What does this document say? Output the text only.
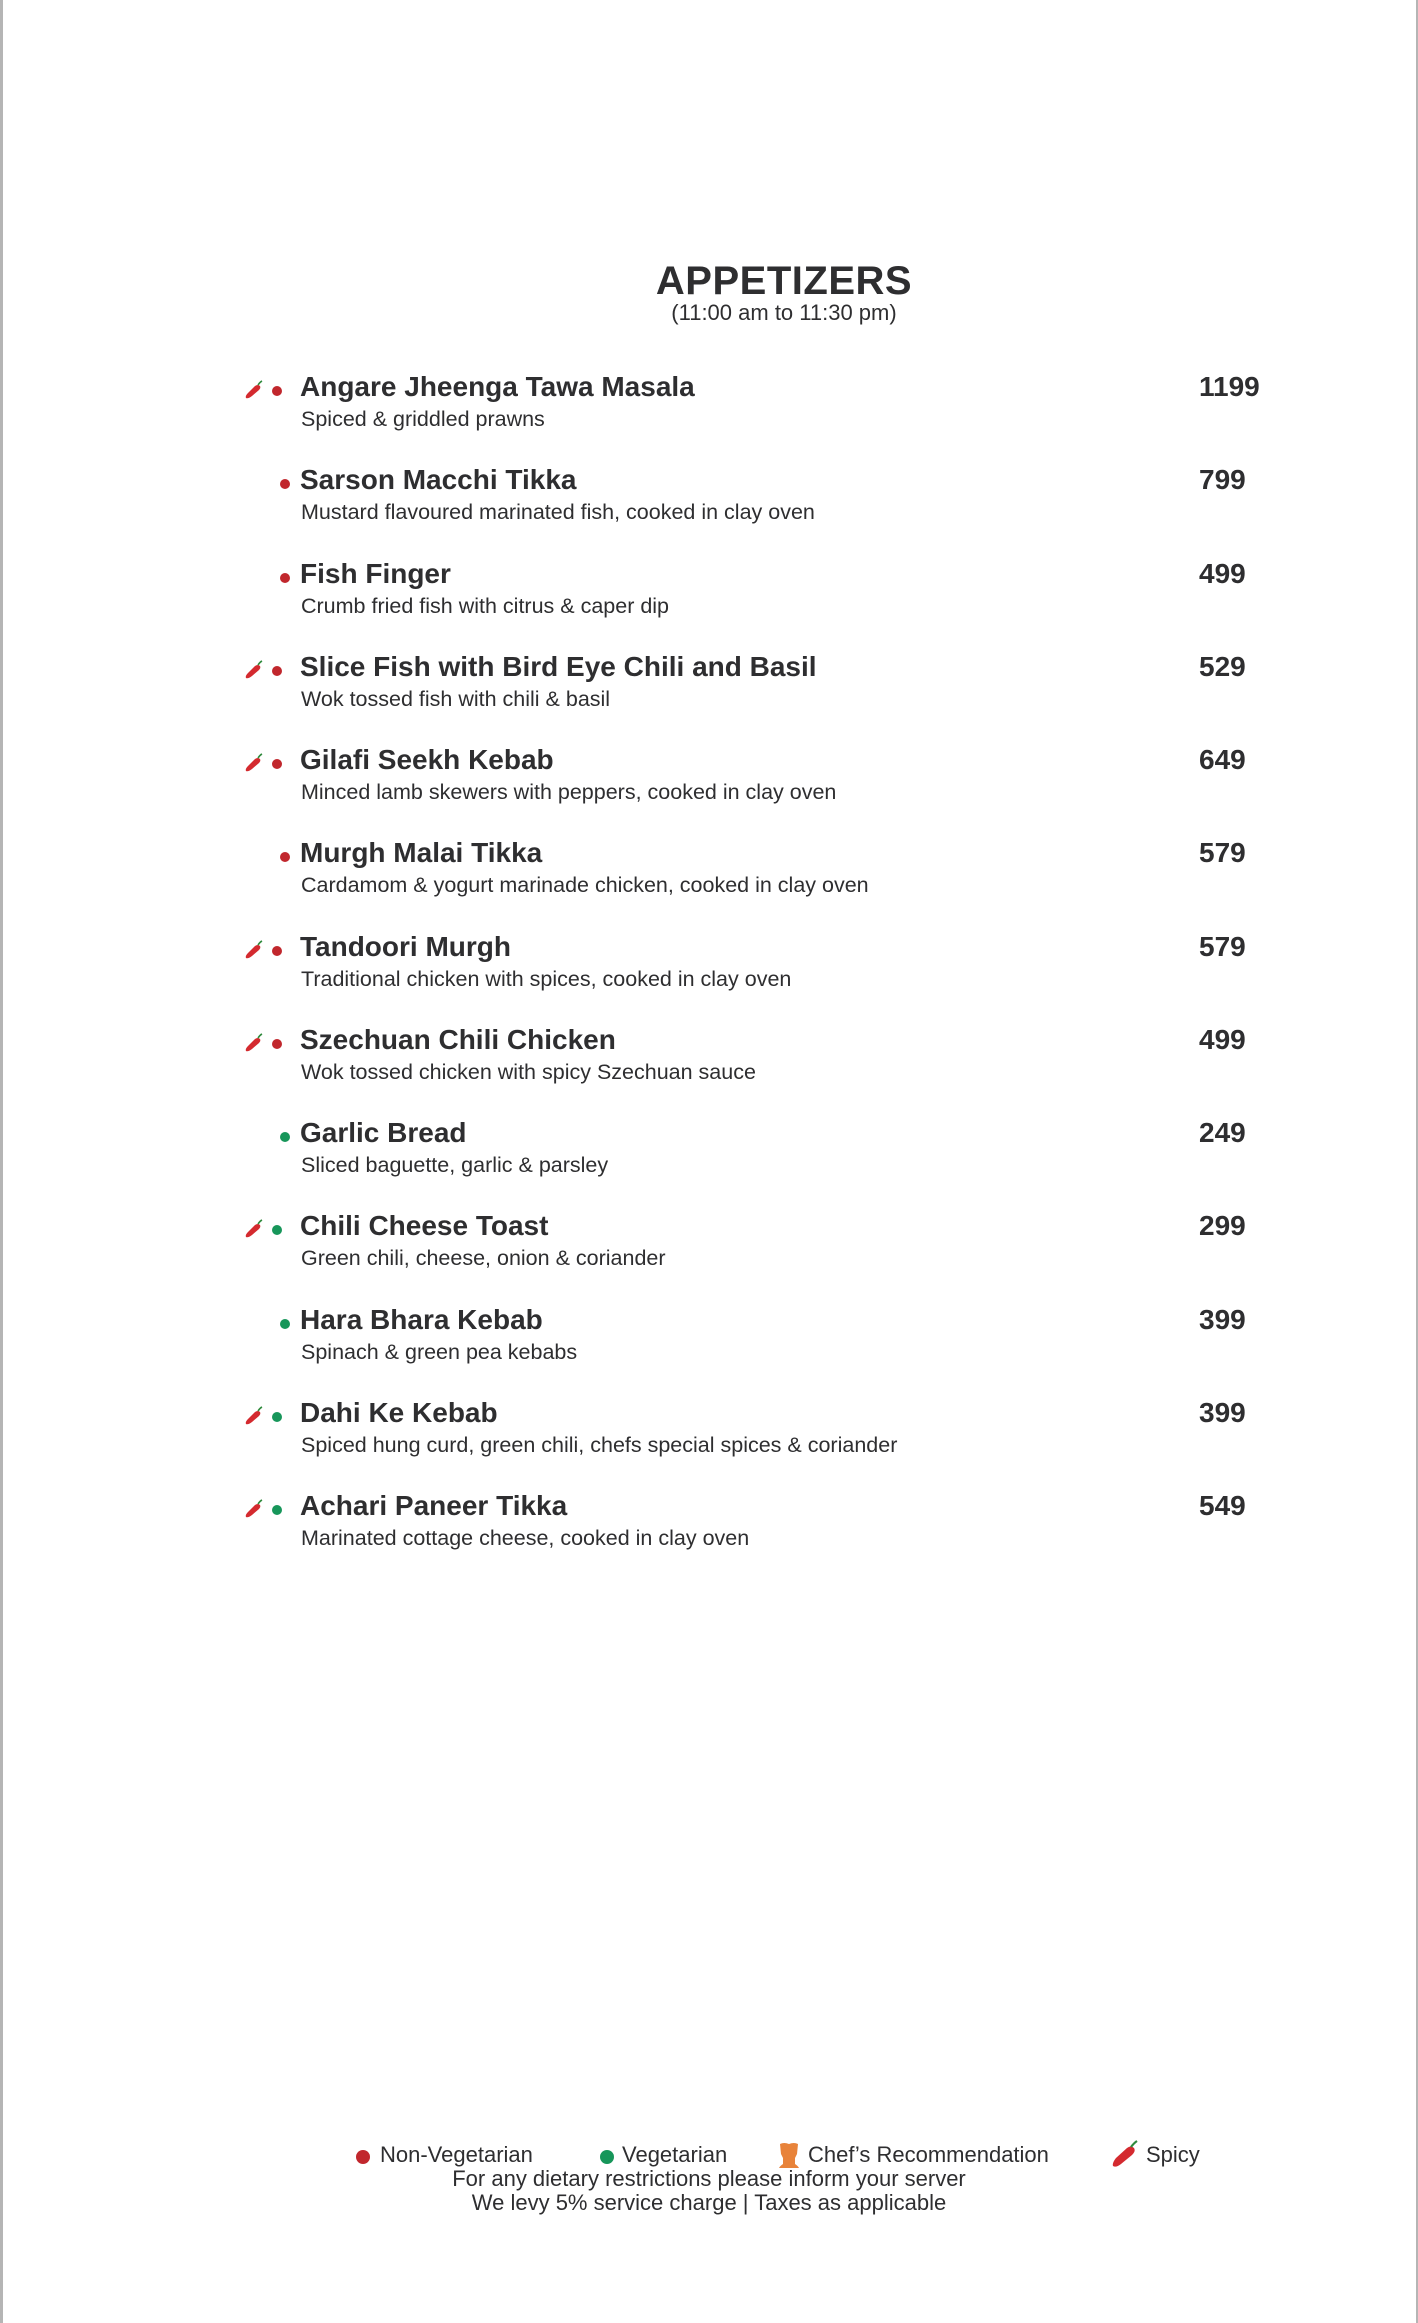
APPETIZERS
(11:00 am to 11:30 pm)
Angare Jheenga Tawa Masala
Spiced & griddled prawns
1199
Sarson Macchi Tikka
Mustard flavoured marinated fish, cooked in clay oven
799
Fish Finger
Crumb fried fish with citrus & caper dip
499
Slice Fish with Bird Eye Chili and Basil
Wok tossed fish with chili & basil
529
Gilafi Seekh Kebab
Minced lamb skewers with peppers, cooked in clay oven
649
Murgh Malai Tikka
Cardamom & yogurt marinade chicken, cooked in clay oven
579
Tandoori Murgh
Traditional chicken with spices, cooked in clay oven
579
Szechuan Chili Chicken
Wok tossed chicken with spicy Szechuan sauce
499
Garlic Bread
Sliced baguette, garlic & parsley
249
Chili Cheese Toast
Green chili, cheese, onion & coriander
299
Hara Bhara Kebab
Spinach & green pea kebabs
399
Dahi Ke Kebab
Spiced hung curd, green chili, chefs special spices & coriander
399
Achari Paneer Tikka
Marinated cottage cheese, cooked in clay oven
549
Non-Vegetarian	Vegetarian	Chef’s Recommendation	Spicy
For any dietary restrictions please inform your server
We levy 5% service charge | Taxes as applicable
